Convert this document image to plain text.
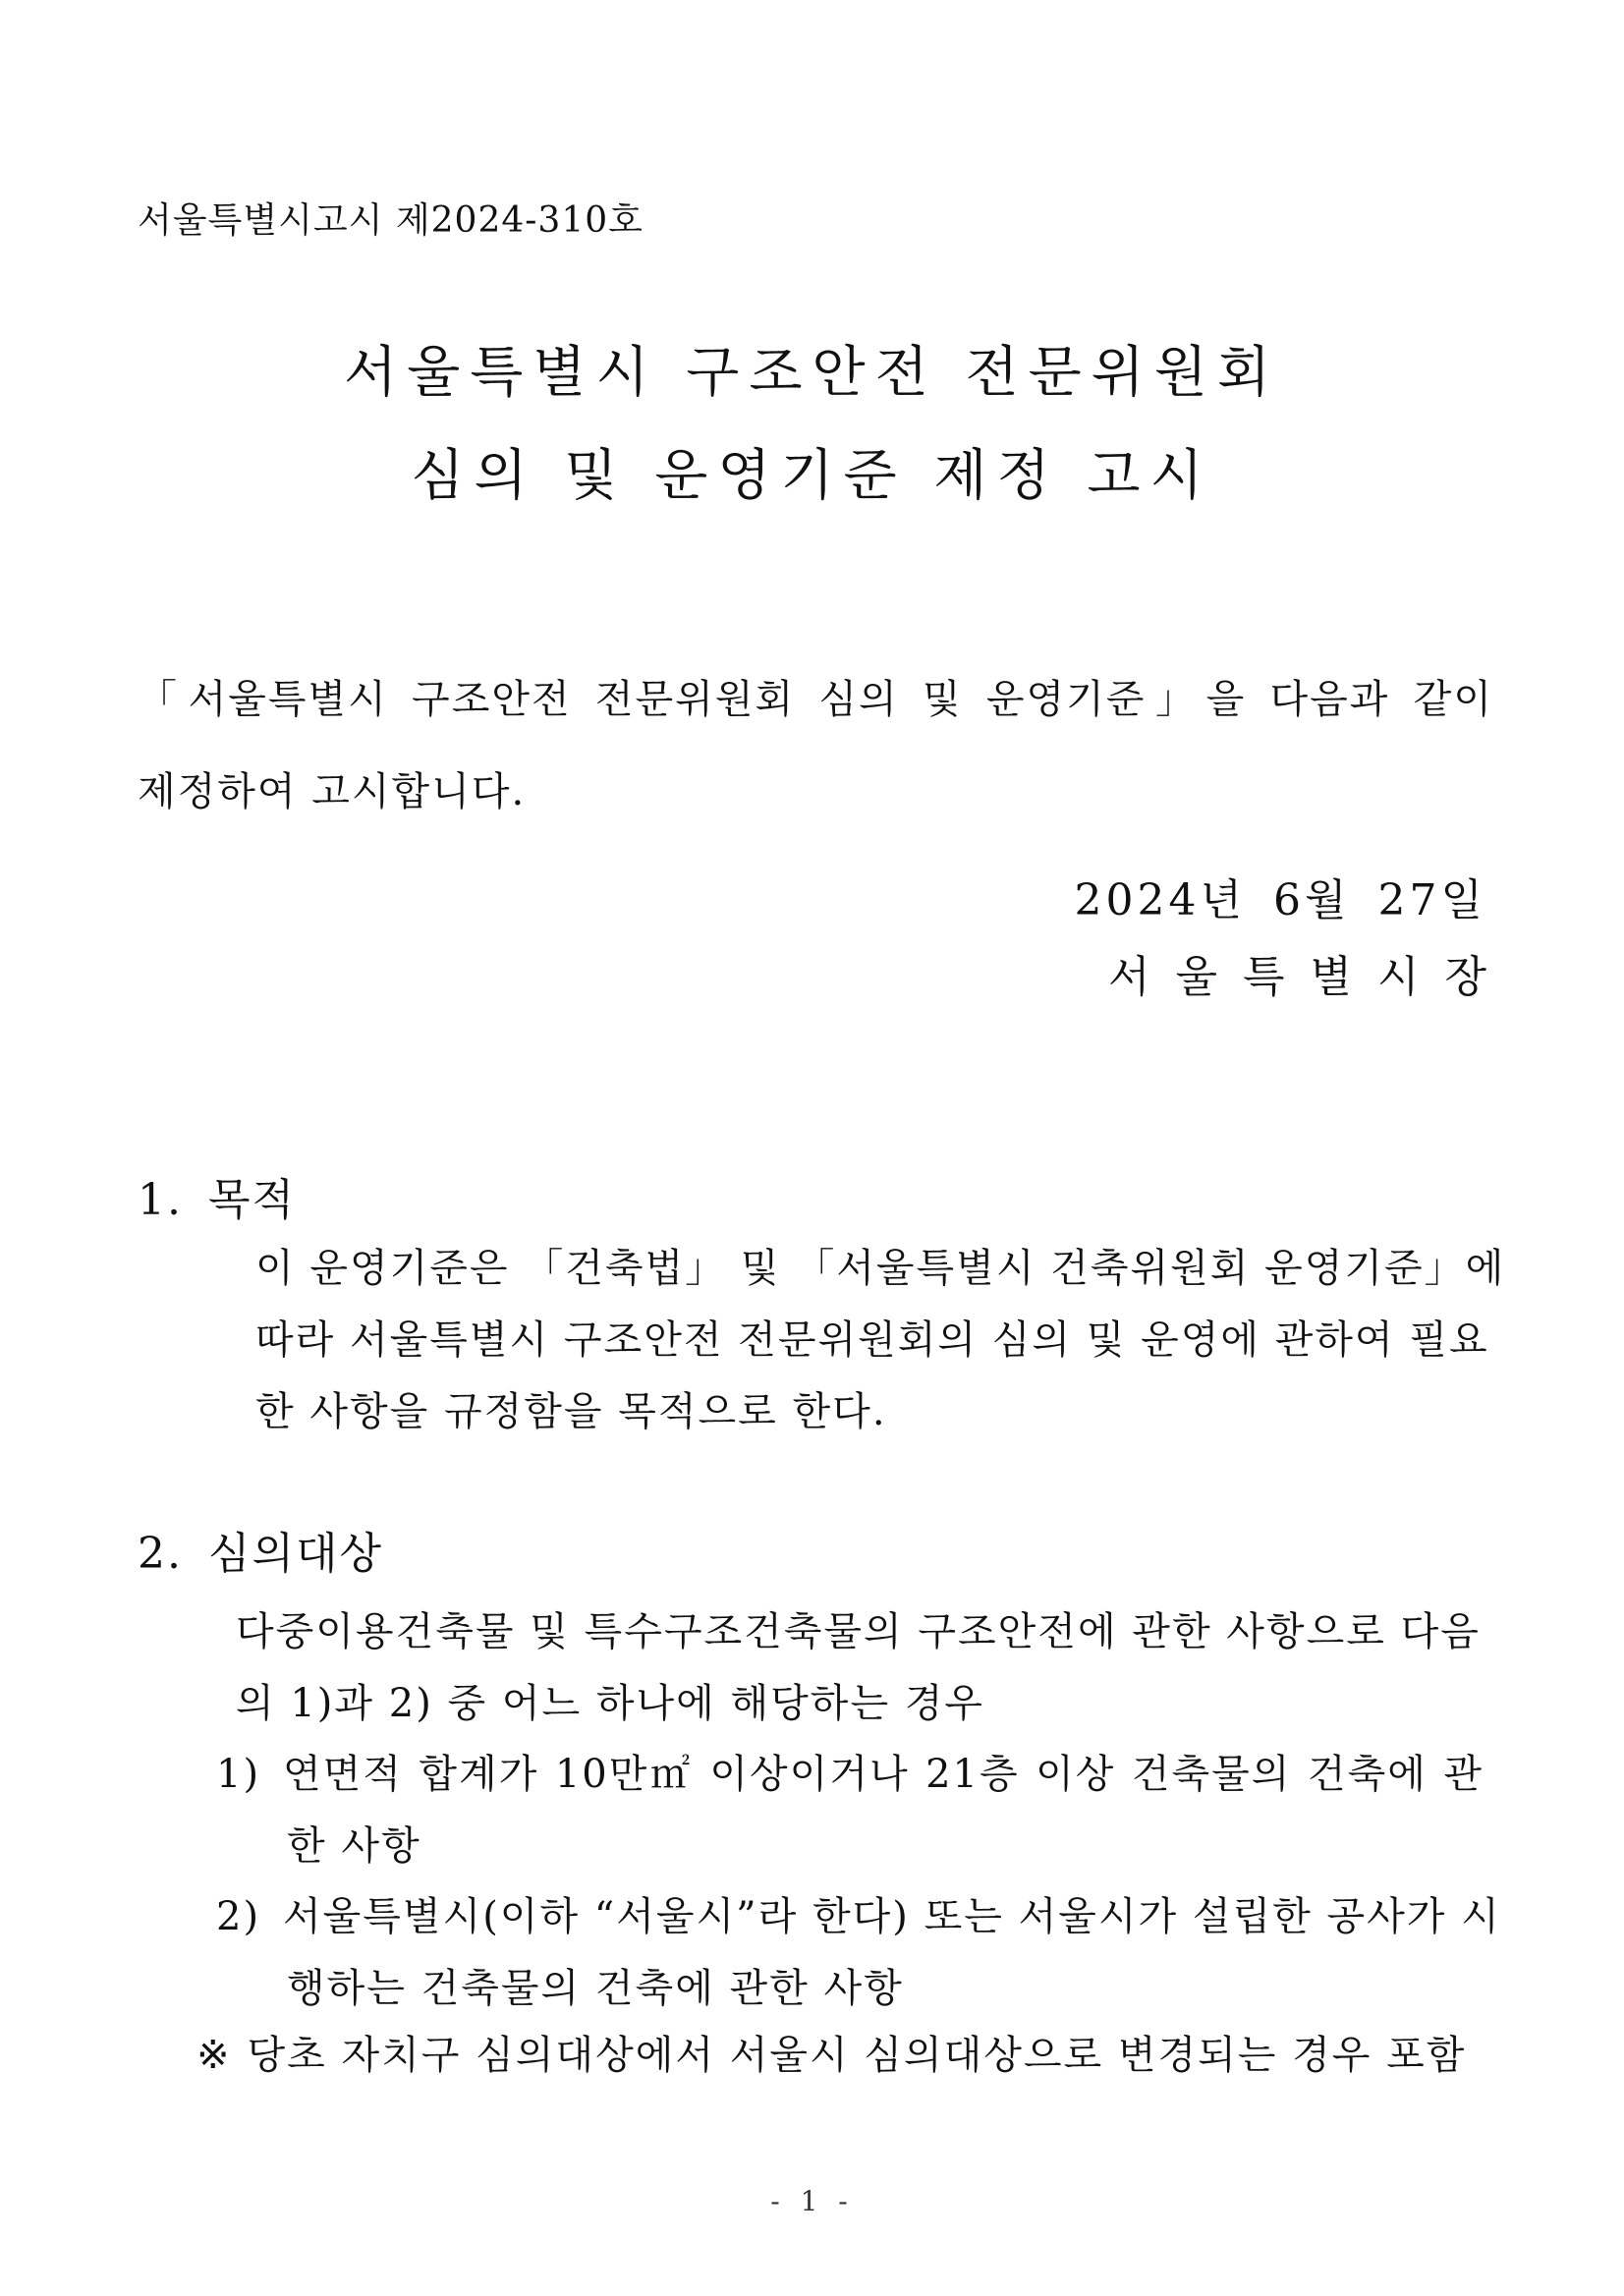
서울특별시고시 제2024-310호
서울특별시 구조안전 전문위원회
심의 및 운영기준 제정 고시
「서울특별시 구조안전 전문위원회 심의 및 운영기준」을 다음과 같이
제정하여 고시합니다.
2024년 6월 27일
서울특별시장
1. 목적
이 운영기준은 「건축법」 및 「서울특별시 건축위원회 운영기준」에
따라 서울특별시 구조안전 전문위원회의 심의 및 운영에 관하여 필요
한 사항을 규정함을 목적으로 한다.
2. 심의대상
다중이용건축물 및 특수구조건축물의 구조안전에 관한 사항으로 다음
의 1)과 2) 중 어느 하나에 해당하는 경우
1) 연면적 합계가 10만㎡ 이상이거나 21층 이상 건축물의 건축에 관
한 사항
2) 서울특별시(이하 “서울시”라 한다) 또는 서울시가 설립한 공사가 시
행하는 건축물의 건축에 관한 사항
※ 당초 자치구 심의대상에서 서울시 심의대상으로 변경되는 경우 포함
- 1 -
